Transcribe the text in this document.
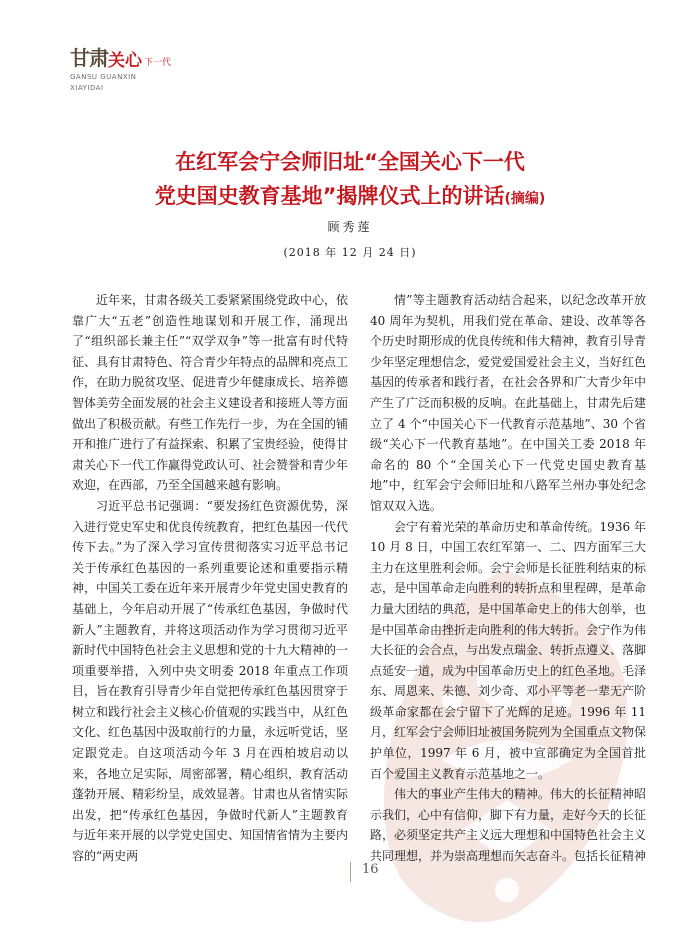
甘肃 关心 下一代
GANSU GUANXIN
XIAYIDAI
在红军会宁会师旧址“全国关心下一代
党史国史教育基地”揭牌仪式上的讲话(摘编)
顾秀莲
(2018 年 12 月 24 日)

近年来，甘肃各级关工委紧紧围绕党政中心，依靠广大“五老”创造性地谋划和开展工作，涌现出了“组织部长兼主任”“双学双争”等一批富有时代特征、具有甘肃特色、符合青少年特点的品牌和亮点工作，在助力脱贫攻坚、促进青少年健康成长、培养德智体美劳全面发展的社会主义建设者和接班人等方面做出了积极贡献。有些工作先行一步，为在全国的铺开和推广进行了有益探索、积累了宝贵经验，使得甘肃关心下一代工作赢得党政认可、社会赞誉和青少年欢迎，在西部，乃至全国越来越有影响。

习近平总书记强调：“要发扬红色资源优势，深入进行党史军史和优良传统教育，把红色基因一代代传下去。”为了深入学习宣传贯彻落实习近平总书记关于传承红色基因的一系列重要论述和重要指示精神，中国关工委在近年来开展青少年党史国史教育的基础上，今年启动开展了“传承红色基因，争做时代新人”主题教育，并将这项活动作为学习贯彻习近平新时代中国特色社会主义思想和党的十九大精神的一项重要举措，入列中央文明委 2018 年重点工作项目，旨在教育引导青少年自觉把传承红色基因贯穿于树立和践行社会主义核心价值观的实践当中，从红色文化、红色基因中汲取前行的力量，永远听党话，坚定跟党走。自这项活动今年 3 月在西柏坡启动以来，各地立足实际，周密部署，精心组织，教育活动蓬勃开展、精彩纷呈，成效显著。甘肃也从省情实际出发，把“传承红色基因，争做时代新人”主题教育与近年来开展的以学党史国史、知国情省情为主要内容的“两史两

情”等主题教育活动结合起来，以纪念改革开放 40 周年为契机，用我们党在革命、建设、改革等各个历史时期形成的优良传统和伟大精神，教育引导青少年坚定理想信念，爱党爱国爱社会主义，当好红色基因的传承者和践行者，在社会各界和广大青少年中产生了广泛而积极的反响。在此基础上，甘肃先后建立了 4 个“中国关心下一代教育示范基地”、30 个省级“关心下一代教育基地”。在中国关工委 2018 年命名的 80 个“全国关心下一代党史国史教育基地”中，红军会宁会师旧址和八路军兰州办事处纪念馆双双入选。

会宁有着光荣的革命历史和革命传统。1936 年 10 月 8 日，中国工农红军第一、二、四方面军三大主力在这里胜利会师。会宁会师是长征胜利结束的标志，是中国革命走向胜利的转折点和里程碑，是革命力量大团结的典范，是中国革命史上的伟大创举，也是中国革命由挫折走向胜利的伟大转折。会宁作为伟大长征的会合点，与出发点瑞金、转折点遵义、落脚点延安一道，成为中国革命历史上的红色圣地。毛泽东、周恩来、朱德、刘少奇、邓小平等老一辈无产阶级革命家都在会宁留下了光辉的足迹。1996 年 11 月，红军会宁会师旧址被国务院列为全国重点文物保护单位，1997 年 6 月，被中宣部确定为全国首批百个爱国主义教育示范基地之一。

伟大的事业产生伟大的精神。伟大的长征精神昭示我们，心中有信仰，脚下有力量，走好今天的长征路，必须坚定共产主义远大理想和中国特色社会主义共同理想，并为崇高理想而矢志奋斗。包括长征精神

16
